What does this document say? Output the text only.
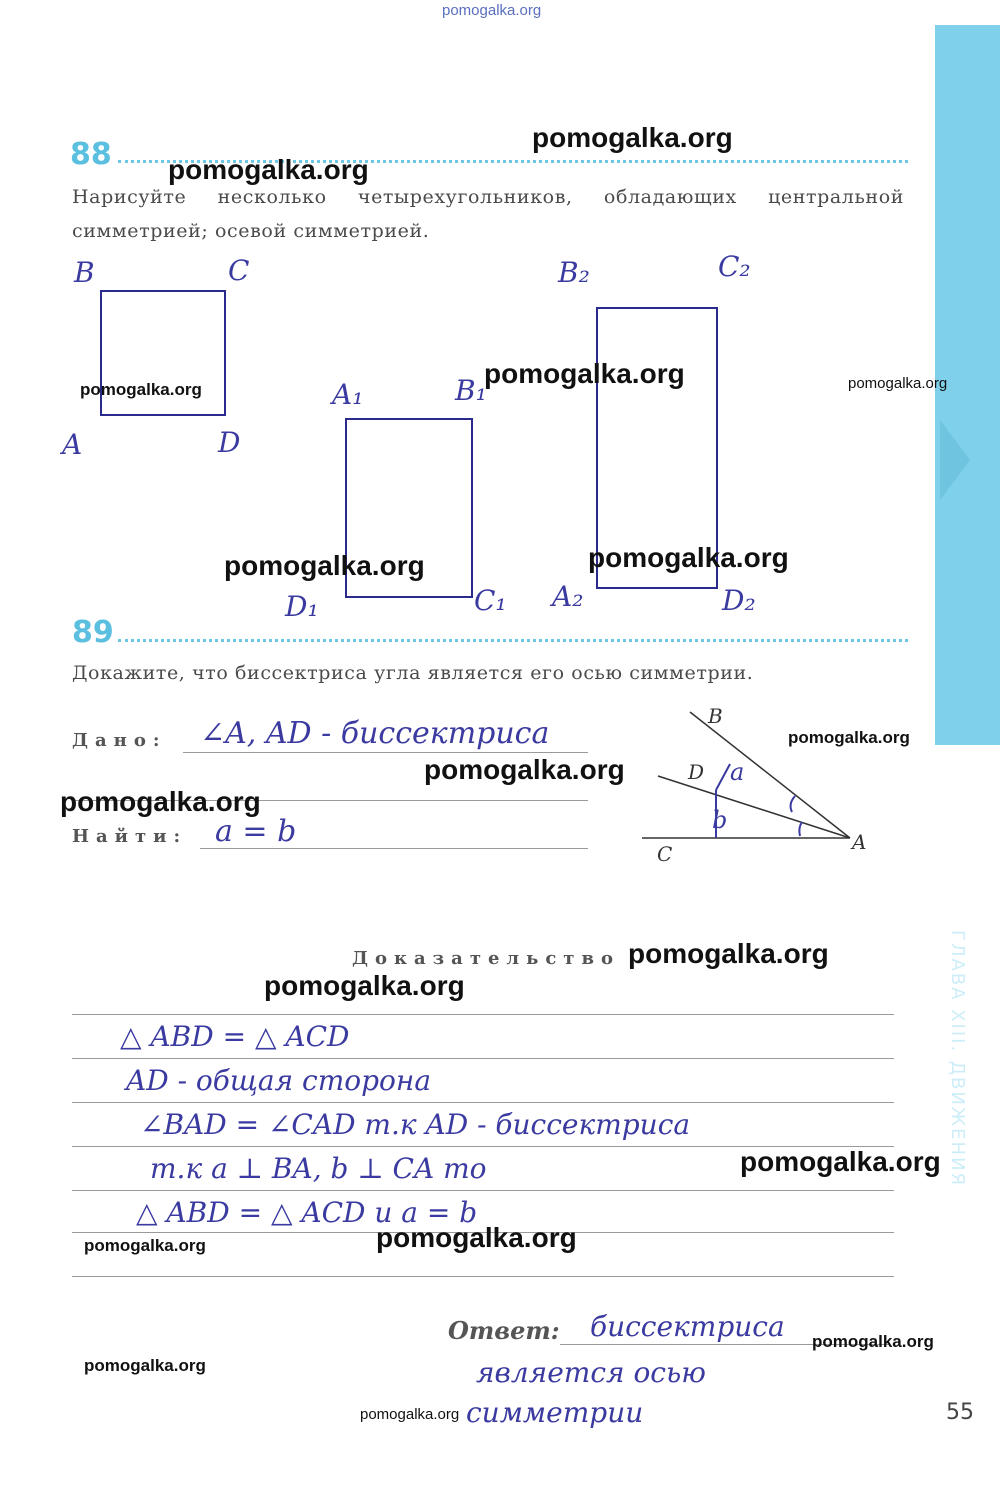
pomogalka.org
ГЛАВА XIII. ДВИЖЕНИЯ
88
Нарисуйте несколько четырехугольников, обладающих центральной
симметрией; осевой симметрией.
B	C
A	D
A₁	B₁
D₁	C₁
B₂	C₂
A₂	D₂
89
Докажите, что биссектриса угла является его осью симметрии.
Дано: ∠A, AD - биссектриса
Найти: a = b
B
D
C	A
a
b
Доказательство
△ ABD = △ ACD
AD - общая сторона
∠BAD = ∠CAD т.к AD - биссектриса
т.к a ⊥ BA, b ⊥ CA то
△ ABD = △ ACD и a = b
Ответ: биссектриса
является осью
симметрии	55
pomogalka.org
pomogalka.org
pomogalka.org
pomogalka.org	pomogalka.org
pomogalka.org	pomogalka.org
pomogalka.org
pomogalka.org
pomogalka.org
pomogalka.org
pomogalka.org
pomogalka.org
pomogalka.org
pomogalka.org
pomogalka.org
pomogalka.org
pomogalka.org
